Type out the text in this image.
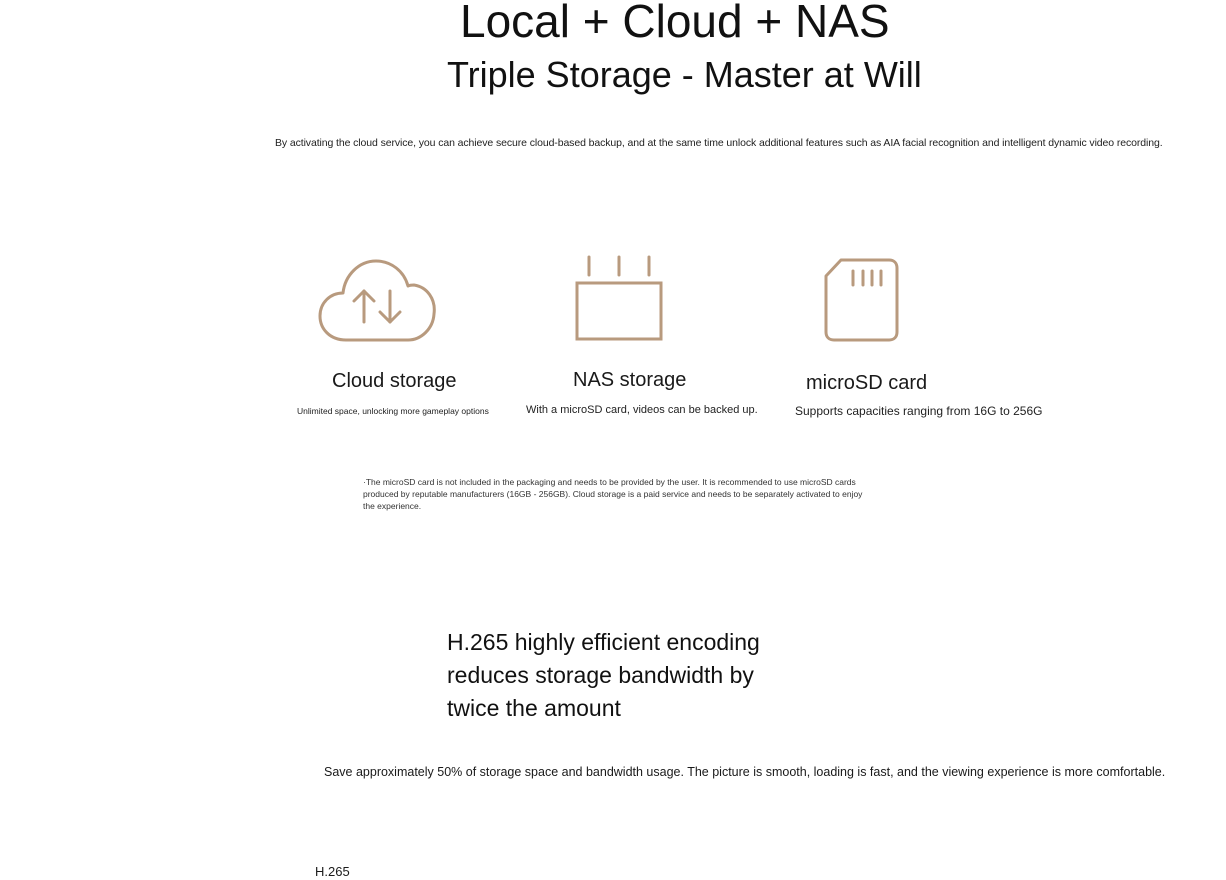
Local + Cloud + NAS
Triple Storage - Master at Will
By activating the cloud service, you can achieve secure cloud-based backup, and at the same time unlock additional features such as AIA facial recognition and intelligent dynamic video recording.
Cloud storage
Unlimited space, unlocking more gameplay options
NAS storage
With a microSD card, videos can be backed up.
microSD card
Supports capacities ranging from 16G to 256G
·The microSD card is not included in the packaging and needs to be provided by the user. It is recommended to use microSD cards produced by reputable manufacturers (16GB - 256GB). Cloud storage is a paid service and needs to be separately activated to enjoy the experience.
H.265 highly efficient encoding reduces storage bandwidth by twice the amount
Save approximately 50% of storage space and bandwidth usage. The picture is smooth, loading is fast, and the viewing experience is more comfortable.
H.265
